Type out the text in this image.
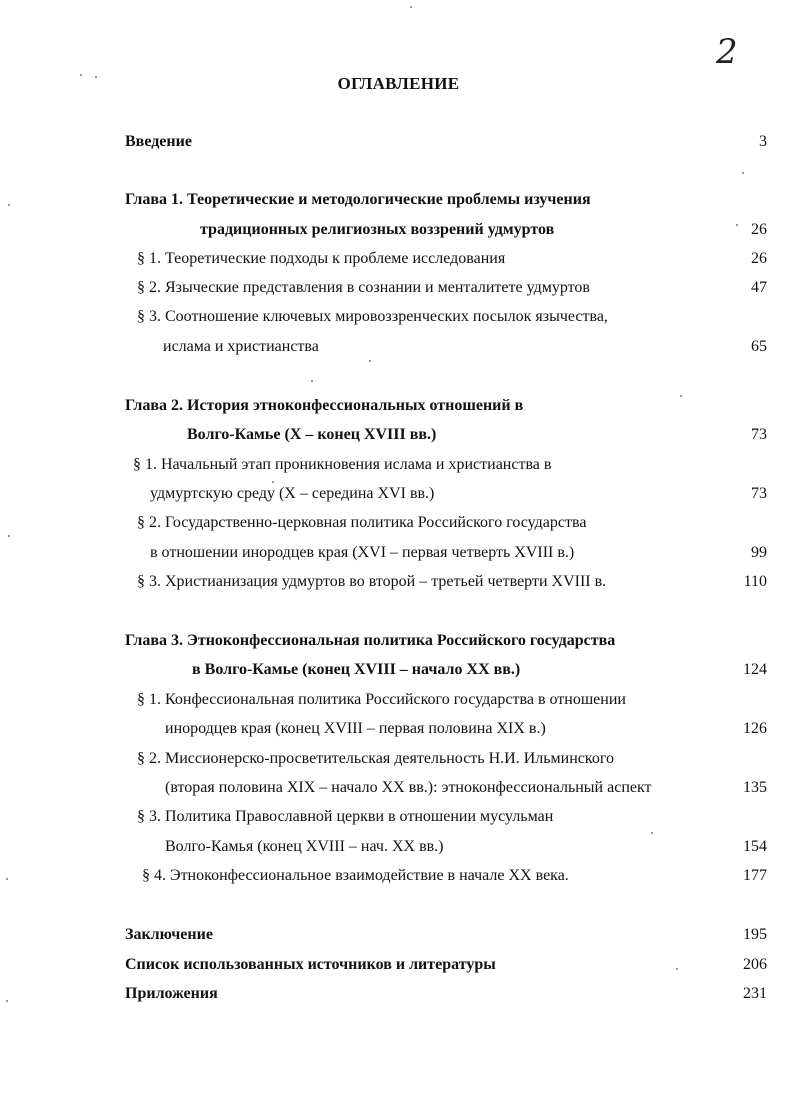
2
ОГЛАВЛЕНИЕ
Введение	3
Глава 1. Теоретические и методологические проблемы изучения
традиционных религиозных воззрений удмуртов	26
§ 1. Теоретические подходы к проблеме исследования	26
§ 2. Языческие представления в сознании и менталитете удмуртов	47
§ 3. Соотношение ключевых мировоззренческих посылок язычества,
ислама и христианства	65
Глава 2. История этноконфессиональных отношений в
Волго-Камье (X – конец XVIII вв.)	73
§ 1. Начальный этап проникновения ислама и христианства в
удмуртскую среду (X – середина XVI вв.)	73
§ 2. Государственно-церковная политика Российского государства
в отношении инородцев края (XVI – первая четверть XVIII в.)	99
§ 3. Христианизация удмуртов во второй – третьей четверти XVIII в.	110
Глава 3. Этноконфессиональная политика Российского государства
в Волго-Камье (конец XVIII – начало XX вв.)	124
§ 1. Конфессиональная политика Российского государства в отношении
инородцев края (конец XVIII – первая половина XIX в.)	126
§ 2. Миссионерско-просветительская деятельность Н.И. Ильминского
(вторая половина XIX – начало XX вв.): этноконфессиональный аспект	135
§ 3. Политика Православной церкви в отношении мусульман
Волго-Камья (конец XVIII – нач. XX вв.)	154
§ 4. Этноконфессиональное взаимодействие в начале XX века.	177
Заключение	195
Список использованных источников и литературы	206
Приложения	231
